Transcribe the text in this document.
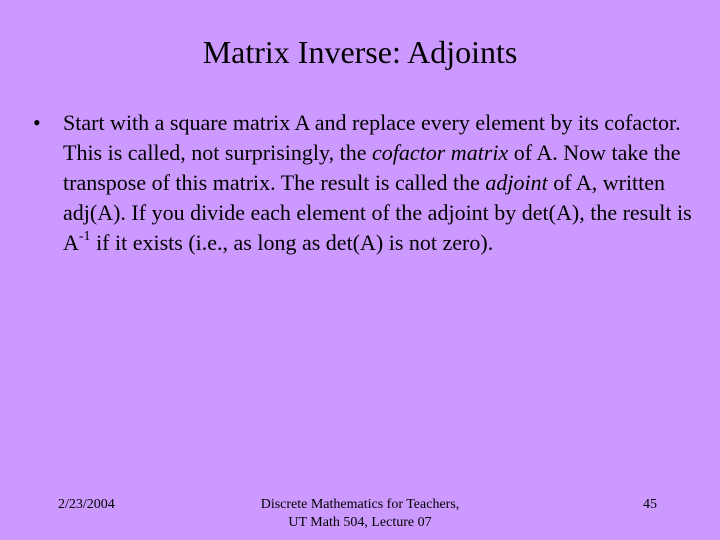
Matrix Inverse: Adjoints
•	Start with a square matrix A and replace every element by its cofactor. This is called, not surprisingly, the cofactor matrix of A. Now take the transpose of this matrix. The result is called the adjoint of A, written adj(A). If you divide each element of the adjoint by det(A), the result is $A^{-1}$ if it exists (i.e., as long as det(A) is not zero).
2/23/2004	Discrete Mathematics for Teachers,
UT Math 504, Lecture 07
45
